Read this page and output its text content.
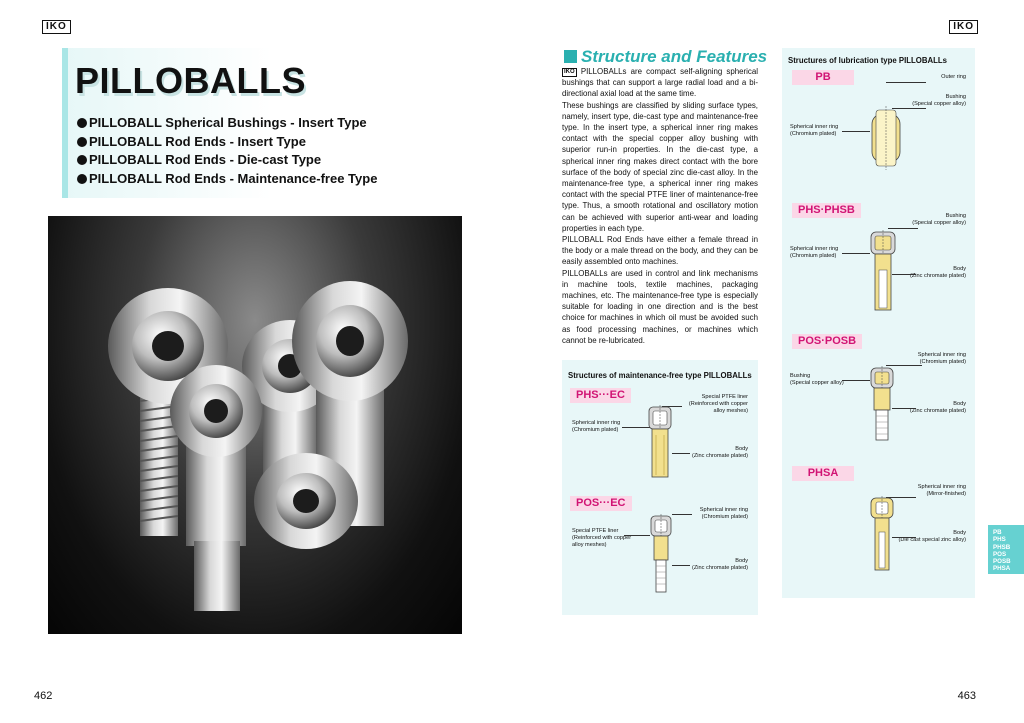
IKO
PILLOBALLS
PILLOBALL Spherical Bushings - Insert Type
PILLOBALL Rod Ends - Insert Type
PILLOBALL Rod Ends - Die-cast Type
PILLOBALL Rod Ends - Maintenance-free Type
462
IKO
Structure and Features

IKO PILLOBALLs are compact self-aligning spherical bushings that can support a large radial load and a bi-directional axial load at the same time.

These bushings are classified by sliding surface types, namely, insert type, die-cast type and maintenance-free type. In the insert type, a spherical inner ring makes contact with the special copper alloy bushing with superior run-in properties. In the die-cast type, a spherical inner ring makes direct contact with the bore surface of the body of special zinc die-cast alloy. In the maintenance-free type, a spherical inner ring makes contact with the special PTFE liner of maintenance-free type. Thus, a smooth rotational and oscillatory motion can be achieved with superior anti-wear and loading properties in each type.

PILLOBALL Rod Ends have either a female thread in the body or a male thread on the body, and they can be easily assembled onto machines.

PILLOBALLs are used in control and link mechanisms in machine tools, textile machines, packaging machines, etc. The maintenance-free type is especially suitable for loading in one direction and is the best choice for machines in which oil must be avoided such as food processing machines, or machines which cannot be re-lubricated.

Structures of maintenance-free type PILLOBALLs
PHS···EC	Special PTFE liner
(Reinforced with copper
alloy meshes)
Spherical inner ring
(Chromium plated)
Body
(Zinc chromate plated)
POS···EC
Spherical inner ring
(Chromium plated)
Special PTFE liner
(Reinforced with copper
alloy meshes)
Body
(Zinc chromate plated)
Structures of lubrication type PILLOBALLs
PB	Outer ring
Bushing
(Special copper alloy)
Spherical inner ring
(Chromium plated)
PHS·PHSB	Bushing
(Special copper alloy)
Spherical inner ring
(Chromium plated)
Body
(Zinc chromate plated)
POS·POSB
Spherical inner ring
(Chromium plated)
Bushing
(Special copper alloy)
Body
(Zinc chromate plated)
PHSA
Spherical inner ring
(Mirror-finished)
Body
(Die cast special zinc alloy)
PB
PHS
PHSB
POS
POSB
PHSA
463
